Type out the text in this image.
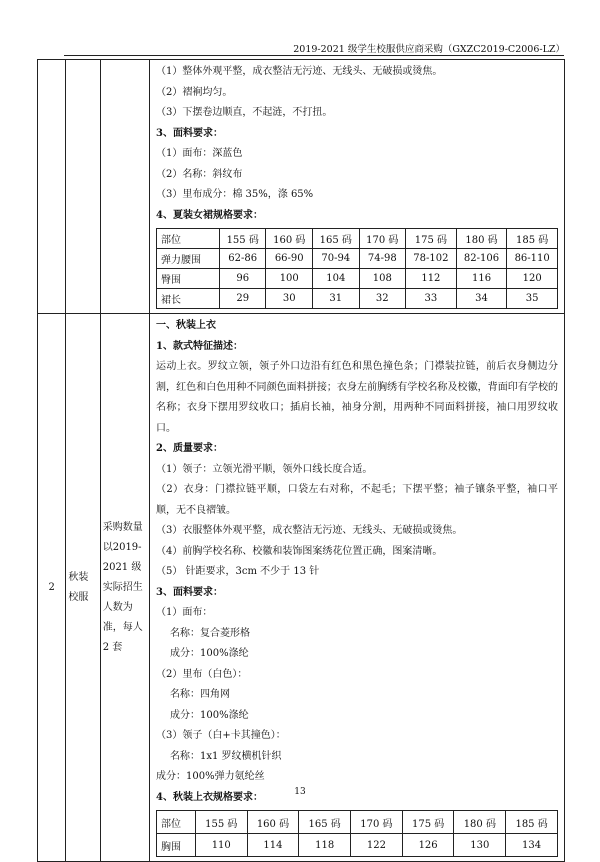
2019-2021 级学生校服供应商采购（GXZC2019-C2006-LZ）

（1）整体外观平整，成衣整洁无污迹、无线头、无破损或烫焦。
（2）褶裥均匀。
（3）下摆卷边顺直，不起涟，不打扭。
3、面料要求：
（1）面布：深蓝色
（2）名称：斜纹布
（3）里布成分：棉 35%，涤 65%
4、夏装女裙规格要求：
部位	155 码	160 码	165 码	170 码	175 码	180 码	185 码
弹力腰围	62-86	66-90	70-94	74-98	78-102	82-106	86-110
臀围	96	100	104	108	112	116	120
裙长	29	30	31	32	33	34	35

2	秋装校服	采购数量以2019-2021 级实际招生人数为准，每人2 套	
一、秋装上衣
1、款式特征描述：
运动上衣。罗纹立领，领子外口边沿有红色和黑色撞色条；门襟装拉链，前后衣身侧边分割，红色和白色用种不同颜色面料拼接；衣身左前胸绣有学校名称及校徽，背面印有学校的名称；衣身下摆用罗纹收口；插肩长袖，袖身分割，用两种不同面料拼接，袖口用罗纹收口。
2、质量要求：
（1）领子：立领光滑平顺，领外口线长度合适。
（2）衣身：门襟拉链平顺，口袋左右对称，不起毛；下摆平整；袖子镶条平整，袖口平顺，无不良褶皱。
（3）衣服整体外观平整，成衣整洁无污迹、无线头、无破损或烫焦。
（4）前胸学校名称、校徽和装饰图案绣花位置正确，图案清晰。
（5） 针距要求，3cm 不少于 13 针
3、面料要求：
（1）面布：
名称：复合菱形格
成分：100%涤纶
（2）里布（白色）：
名称：四角网
成分：100%涤纶
（3）领子（白+卡其撞色）：
名称：1x1 罗纹横机针织
成分：100%弹力氨纶丝
4、秋装上衣规格要求：
部位	155 码	160 码	165 码	170 码	175 码	180 码	185 码
胸围	110	114	118	122	126	130	134
13
